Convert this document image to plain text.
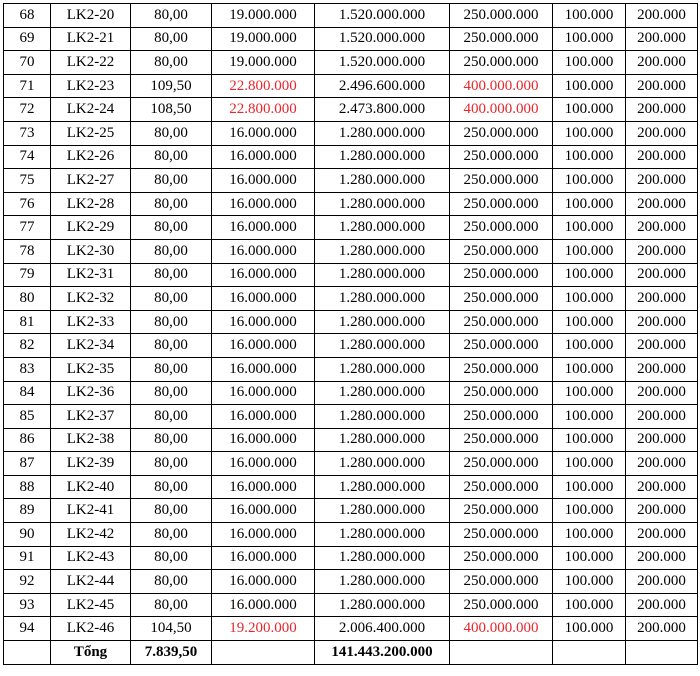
68	LK2-20	80,00	19.000.000	1.520.000.000	250.000.000	100.000	200.000
69	LK2-21	80,00	19.000.000	1.520.000.000	250.000.000	100.000	200.000
70	LK2-22	80,00	19.000.000	1.520.000.000	250.000.000	100.000	200.000
71	LK2-23	109,50	22.800.000	2.496.600.000	400.000.000	100.000	200.000
72	LK2-24	108,50	22.800.000	2.473.800.000	400.000.000	100.000	200.000
73	LK2-25	80,00	16.000.000	1.280.000.000	250.000.000	100.000	200.000
74	LK2-26	80,00	16.000.000	1.280.000.000	250.000.000	100.000	200.000
75	LK2-27	80,00	16.000.000	1.280.000.000	250.000.000	100.000	200.000
76	LK2-28	80,00	16.000.000	1.280.000.000	250.000.000	100.000	200.000
77	LK2-29	80,00	16.000.000	1.280.000.000	250.000.000	100.000	200.000
78	LK2-30	80,00	16.000.000	1.280.000.000	250.000.000	100.000	200.000
79	LK2-31	80,00	16.000.000	1.280.000.000	250.000.000	100.000	200.000
80	LK2-32	80,00	16.000.000	1.280.000.000	250.000.000	100.000	200.000
81	LK2-33	80,00	16.000.000	1.280.000.000	250.000.000	100.000	200.000
82	LK2-34	80,00	16.000.000	1.280.000.000	250.000.000	100.000	200.000
83	LK2-35	80,00	16.000.000	1.280.000.000	250.000.000	100.000	200.000
84	LK2-36	80,00	16.000.000	1.280.000.000	250.000.000	100.000	200.000
85	LK2-37	80,00	16.000.000	1.280.000.000	250.000.000	100.000	200.000
86	LK2-38	80,00	16.000.000	1.280.000.000	250.000.000	100.000	200.000
87	LK2-39	80,00	16.000.000	1.280.000.000	250.000.000	100.000	200.000
88	LK2-40	80,00	16.000.000	1.280.000.000	250.000.000	100.000	200.000
89	LK2-41	80,00	16.000.000	1.280.000.000	250.000.000	100.000	200.000
90	LK2-42	80,00	16.000.000	1.280.000.000	250.000.000	100.000	200.000
91	LK2-43	80,00	16.000.000	1.280.000.000	250.000.000	100.000	200.000
92	LK2-44	80,00	16.000.000	1.280.000.000	250.000.000	100.000	200.000
93	LK2-45	80,00	16.000.000	1.280.000.000	250.000.000	100.000	200.000
94	LK2-46	104,50	19.200.000	2.006.400.000	400.000.000	100.000	200.000
	Tổng	7.839,50		141.443.200.000			
